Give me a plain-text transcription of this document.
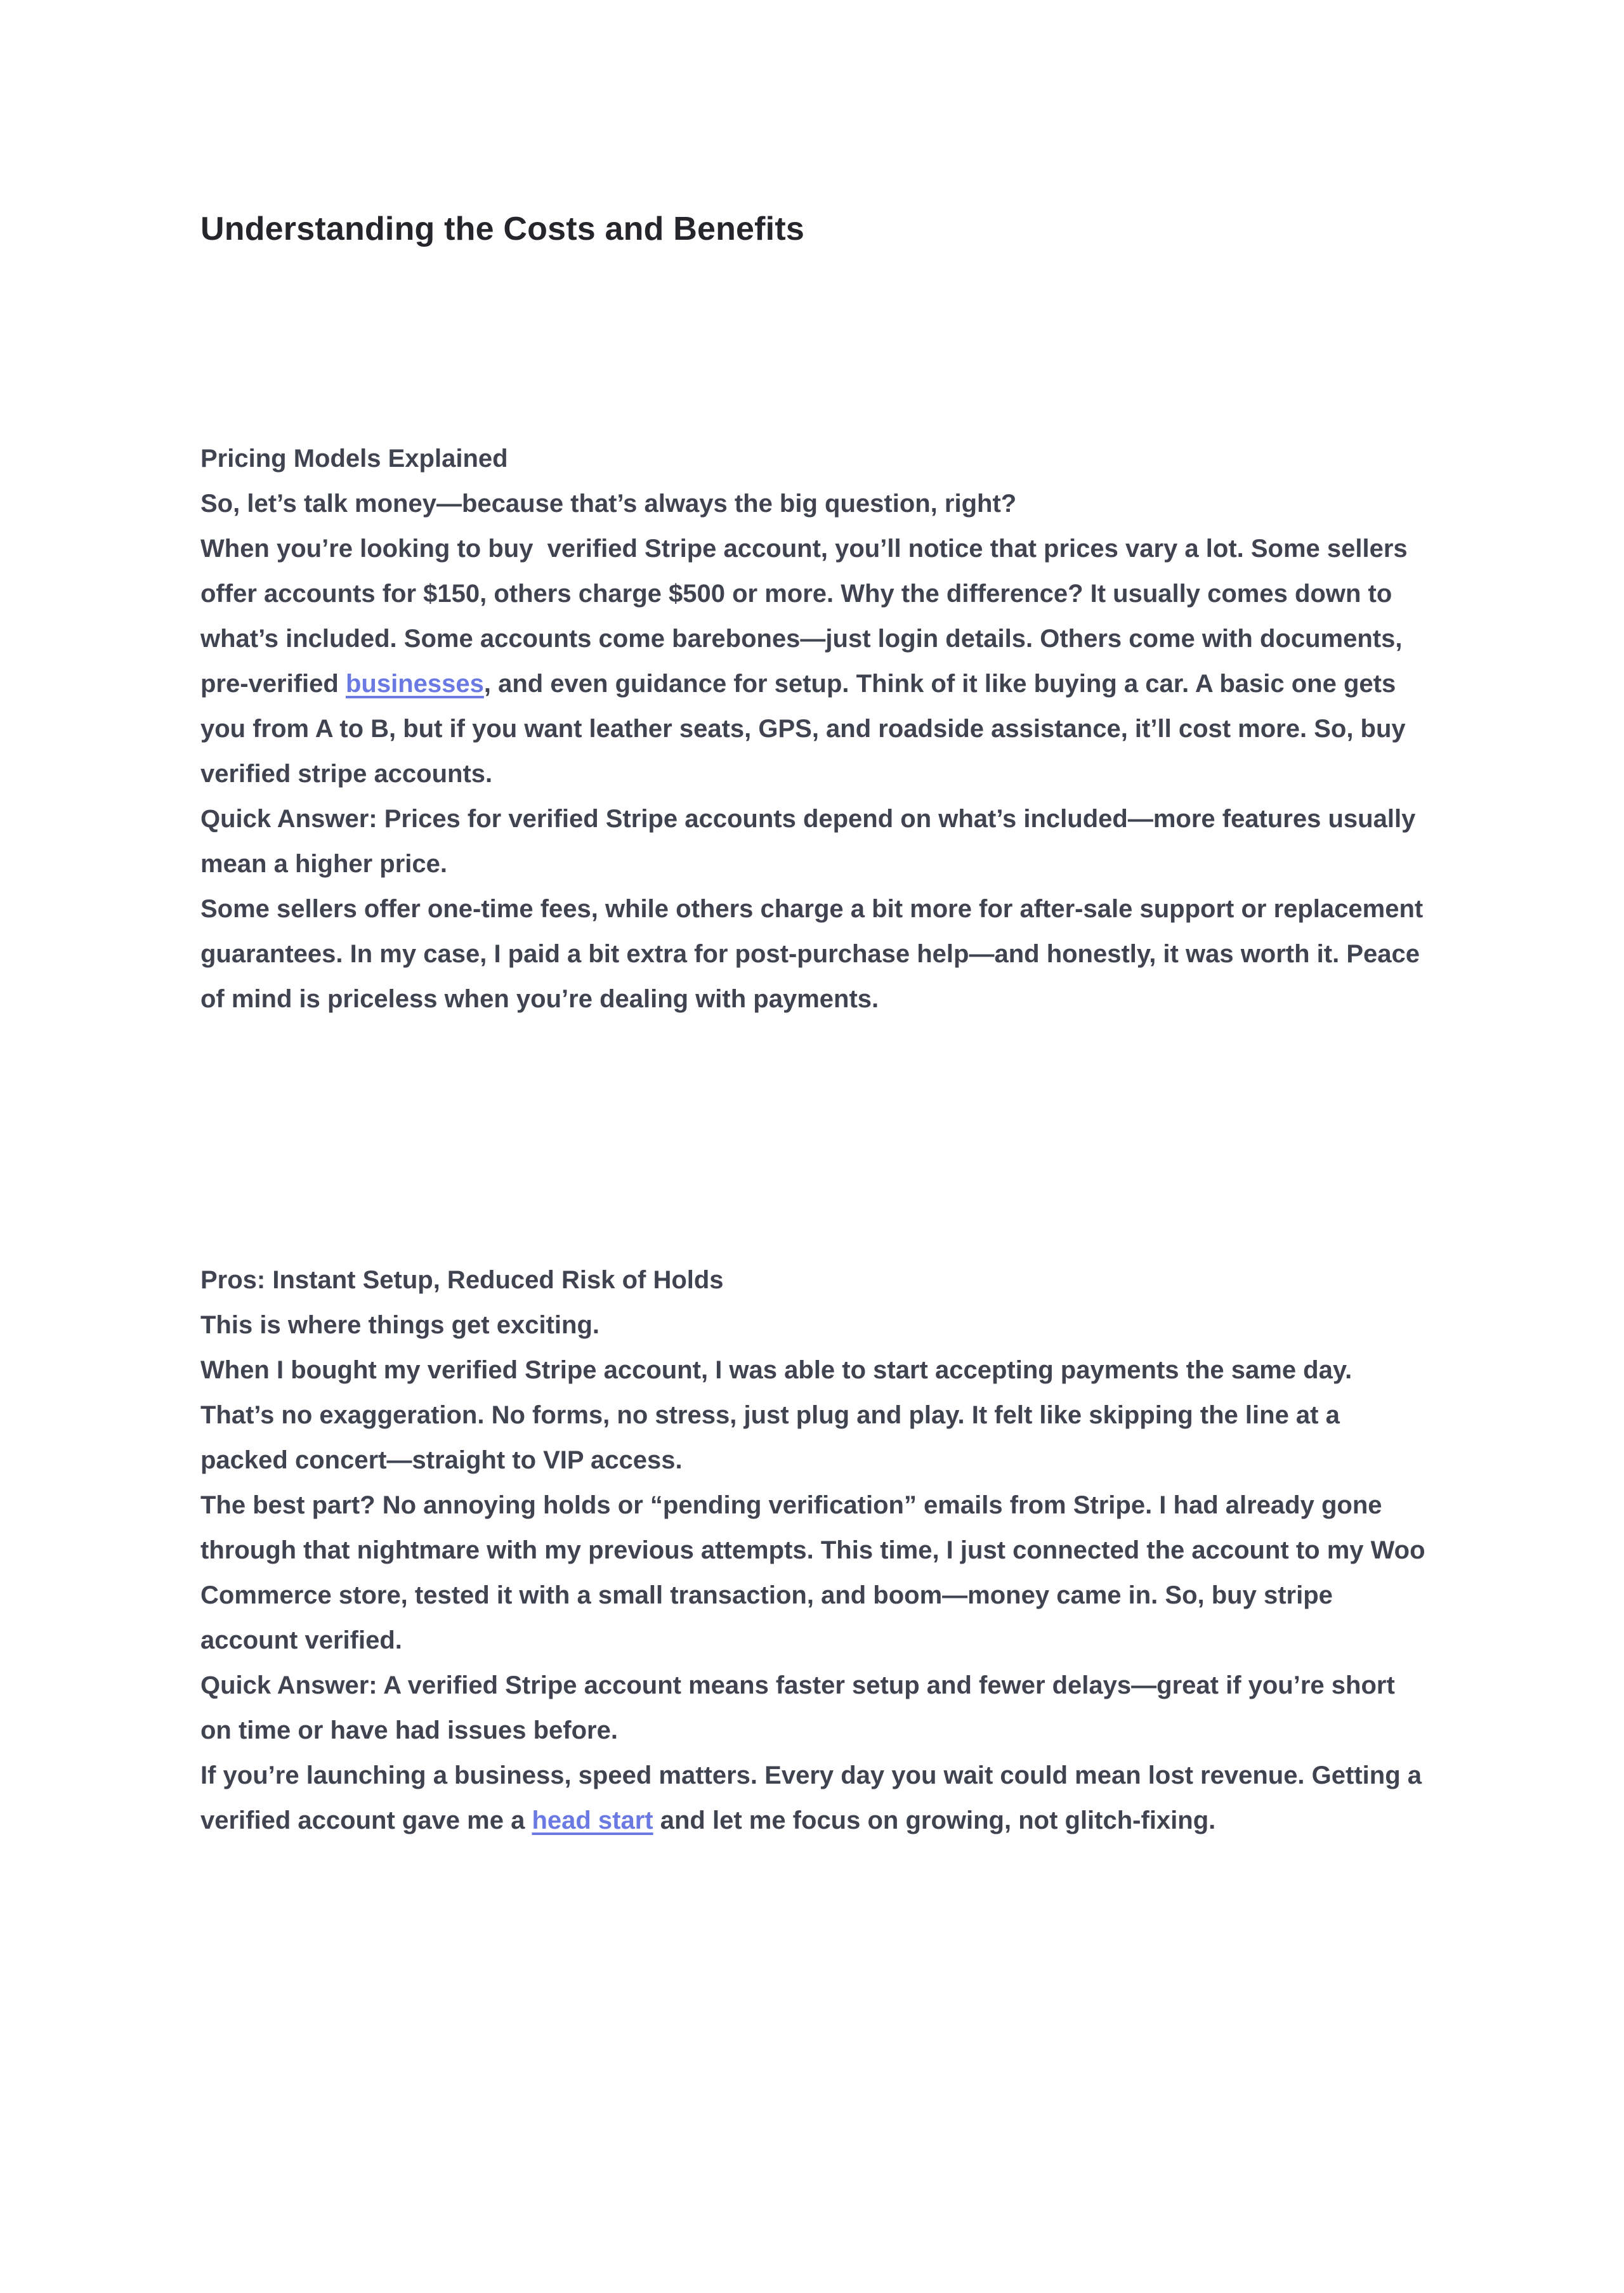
Understanding the Costs and Benefits
Pricing Models Explained

So, let’s talk money—because that’s always the big question, right?

When you’re looking to buy  verified Stripe account, you’ll notice that prices vary a lot. Some sellers offer accounts for $150, others charge $500 or more. Why the difference? It usually comes down to what’s included. Some accounts come barebones—just login details. Others come with documents, pre-verified businesses, and even guidance for setup. Think of it like buying a car. A basic one gets you from A to B, but if you want leather seats, GPS, and roadside assistance, it’ll cost more. So, buy verified stripe accounts.

Quick Answer: Prices for verified Stripe accounts depend on what’s included—more features usually mean a higher price.

Some sellers offer one-time fees, while others charge a bit more for after-sale support or replacement guarantees. In my case, I paid a bit extra for post-purchase help—and honestly, it was worth it. Peace of mind is priceless when you’re dealing with payments.

Pros: Instant Setup, Reduced Risk of Holds

This is where things get exciting.

When I bought my verified Stripe account, I was able to start accepting payments the same day. That’s no exaggeration. No forms, no stress, just plug and play. It felt like skipping the line at a packed concert—straight to VIP access.

The best part? No annoying holds or “pending verification” emails from Stripe. I had already gone through that nightmare with my previous attempts. This time, I just connected the account to my Woo Commerce store, tested it with a small transaction, and boom—money came in. So, buy stripe account verified.

Quick Answer: A verified Stripe account means faster setup and fewer delays—great if you’re short on time or have had issues before.

If you’re launching a business, speed matters. Every day you wait could mean lost revenue. Getting a verified account gave me a head start and let me focus on growing, not glitch-fixing.
